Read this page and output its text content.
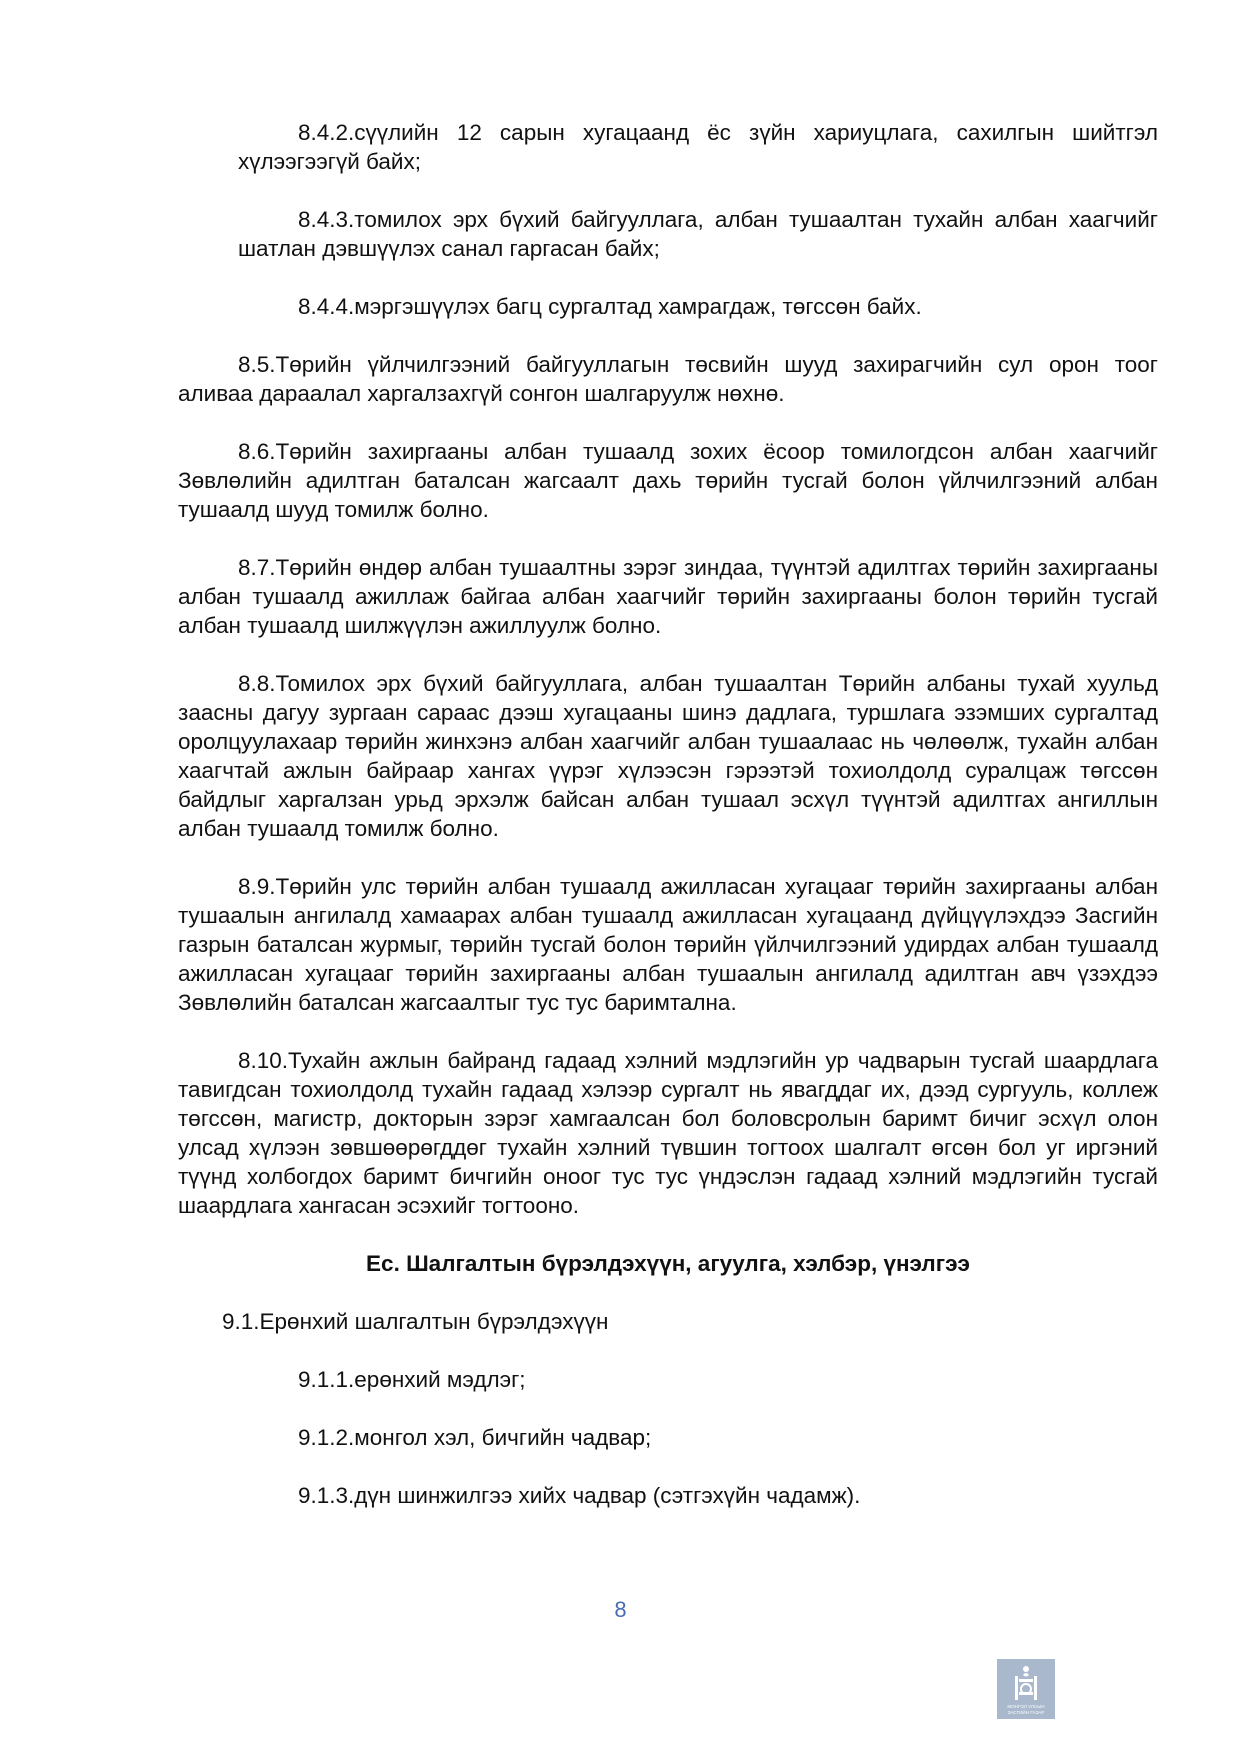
8.4.2.сүүлийн 12 сарын хугацаанд ёс зүйн хариуцлага, сахилгын шийтгэл хүлээгээгүй байх;

8.4.3.томилох эрх бүхий байгууллага, албан тушаалтан тухайн албан хаагчийг шатлан дэвшүүлэх санал гаргасан байх;

8.4.4.мэргэшүүлэх багц сургалтад хамрагдаж, төгссөн байх.

8.5.Төрийн үйлчилгээний байгууллагын төсвийн шууд захирагчийн сул орон тоог аливаа дараалал харгалзахгүй сонгон шалгаруулж нөхнө.

8.6.Төрийн захиргааны албан тушаалд зохих ёсоор томилогдсон албан хаагчийг Зөвлөлийн адилтган баталсан жагсаалт дахь төрийн тусгай болон үйлчилгээний албан тушаалд шууд томилж болно.

8.7.Төрийн өндөр албан тушаалтны зэрэг зиндаа, түүнтэй адилтгах төрийн захиргааны албан тушаалд ажиллаж байгаа албан хаагчийг төрийн захиргааны болон төрийн тусгай албан тушаалд шилжүүлэн ажиллуулж болно.

8.8.Томилох эрх бүхий байгууллага, албан тушаалтан Төрийн албаны тухай хуульд заасны дагуу зургаан сараас дээш хугацааны шинэ дадлага, туршлага эзэмших сургалтад оролцуулахаар төрийн жинхэнэ албан хаагчийг албан тушаалаас нь чөлөөлж, тухайн албан хаагчтай ажлын байраар хангах үүрэг хүлээсэн гэрээтэй тохиолдолд суралцаж төгссөн байдлыг харгалзан урьд эрхэлж байсан албан тушаал эсхүл түүнтэй адилтгах ангиллын албан тушаалд томилж болно.

8.9.Төрийн улс төрийн албан тушаалд ажилласан хугацааг төрийн захиргааны албан тушаалын ангилалд хамаарах албан тушаалд ажилласан хугацаанд дүйцүүлэхдээ Засгийн газрын баталсан журмыг, төрийн тусгай болон төрийн үйлчилгээний удирдах албан тушаалд ажилласан хугацааг төрийн захиргааны албан тушаалын ангилалд адилтган авч үзэхдээ Зөвлөлийн баталсан жагсаалтыг тус тус баримтална.

8.10.Тухайн ажлын байранд гадаад хэлний мэдлэгийн ур чадварын тусгай шаардлага тавигдсан тохиолдолд тухайн гадаад хэлээр сургалт нь явагддаг их, дээд сургууль, коллеж төгссөн, магистр, докторын зэрэг хамгаалсан бол боловсролын баримт бичиг эсхүл олон улсад хүлээн зөвшөөрөгддөг тухайн хэлний түвшин тогтоох шалгалт өгсөн бол уг иргэний түүнд холбогдох баримт бичгийн оноог тус тус үндэслэн гадаад хэлний мэдлэгийн тусгай шаардлага хангасан эсэхийг тогтооно.

Ес. Шалгалтын бүрэлдэхүүн, агуулга, хэлбэр, үнэлгээ

9.1.Ерөнхий шалгалтын бүрэлдэхүүн

9.1.1.ерөнхий мэдлэг;

9.1.2.монгол хэл, бичгийн чадвар;

9.1.3.дүн шинжилгээ хийх чадвар (сэтгэхүйн чадамж).

8
МОНГОЛ УЛСЫН
ЗАСГИЙН ГАЗАР
